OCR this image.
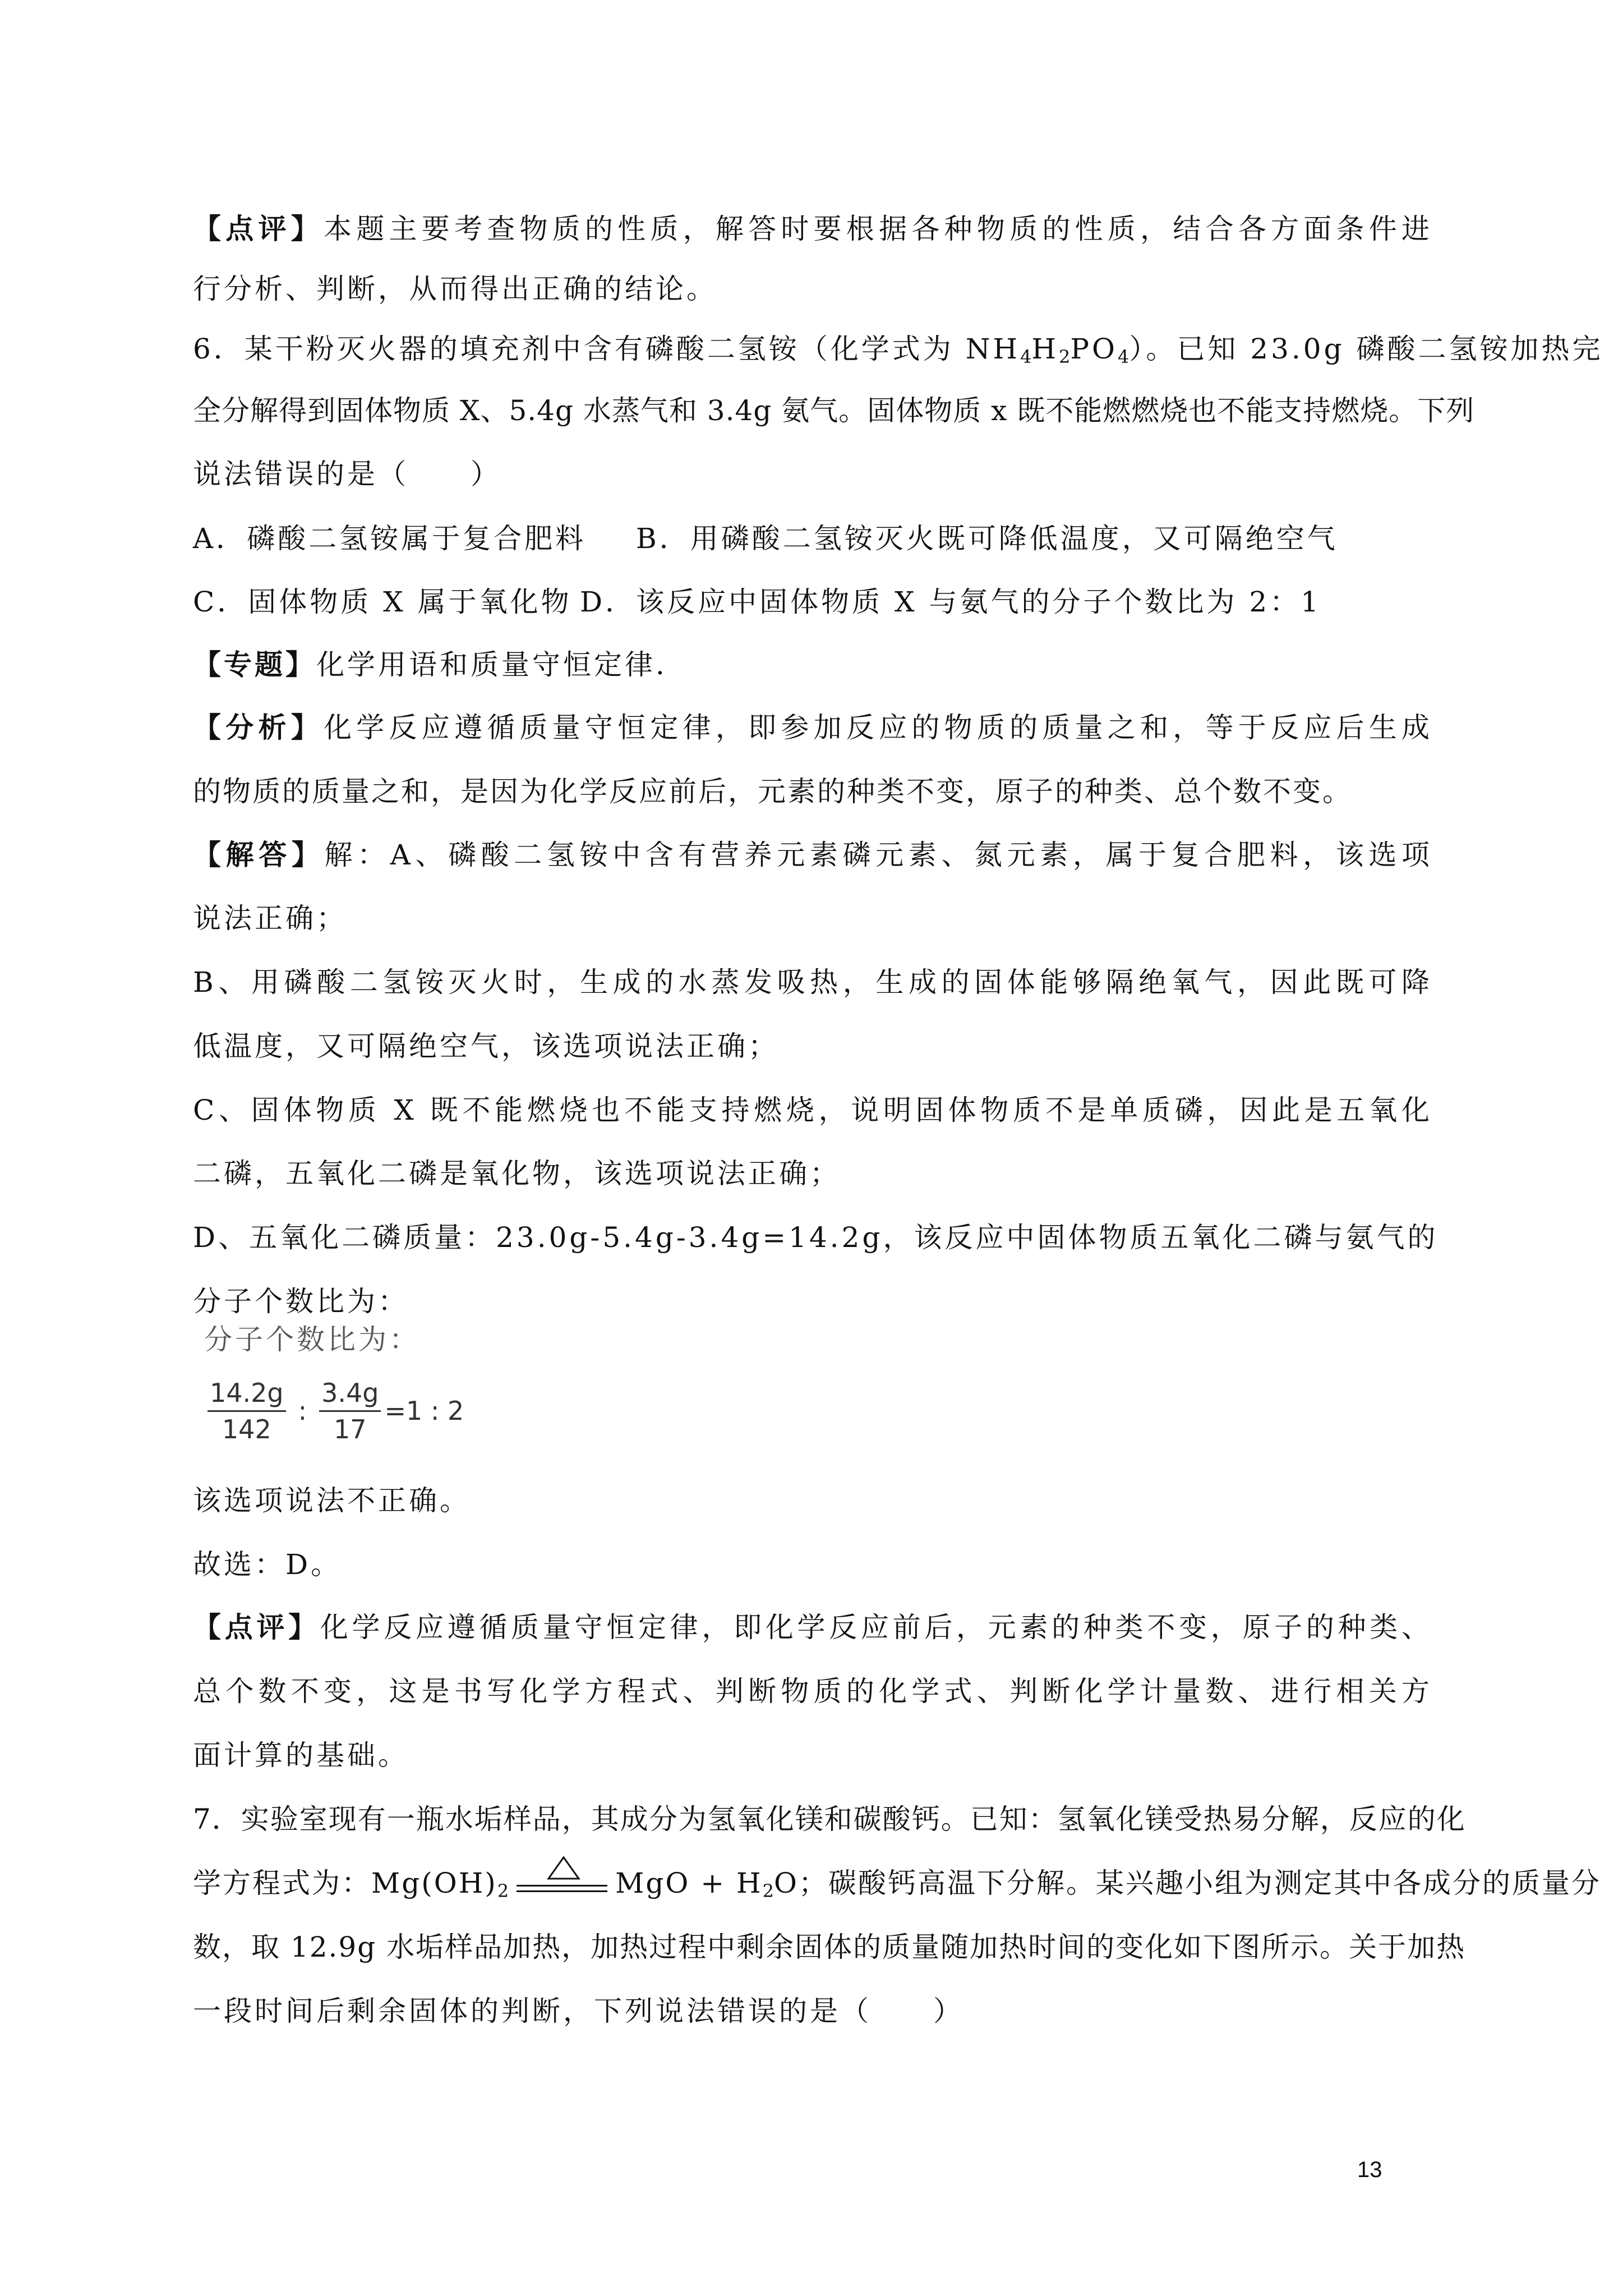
【点评】本题主要考查物质的性质，解答时要根据各种物质的性质，结合各方面条件进
行分析、判断，从而得出正确的结论。
6．某干粉灭火器的填充剂中含有磷酸二氢铵（化学式为 $NH_4H_2PO_4$）。已知 23.0g 磷酸二氢铵加热完
全分解得到固体物质 X、5.4g 水蒸气和 3.4g 氨气。固体物质 x 既不能燃燃烧也不能支持燃烧。下列
说法错误的是（　　）
A．磷酸二氢铵属于复合肥料 B．用磷酸二氢铵灭火既可降低温度，又可隔绝空气
C．固体物质 X 属于氧化物 D．该反应中固体物质 X 与氨气的分子个数比为 2：1
【专题】化学用语和质量守恒定律.
【分析】化学反应遵循质量守恒定律，即参加反应的物质的质量之和，等于反应后生成
的物质的质量之和，是因为化学反应前后，元素的种类不变，原子的种类、总个数不变。
【解答】解：A、磷酸二氢铵中含有营养元素磷元素、氮元素，属于复合肥料，该选项
说法正确；
B、用磷酸二氢铵灭火时，生成的水蒸发吸热，生成的固体能够隔绝氧气，因此既可降
低温度，又可隔绝空气，该选项说法正确；
C、固体物质 X 既不能燃烧也不能支持燃烧，说明固体物质不是单质磷，因此是五氧化
二磷，五氧化二磷是氧化物，该选项说法正确；
D、五氧化二磷质量：23.0g-5.4g-3.4g=14.2g，该反应中固体物质五氧化二磷与氨气的
分子个数比为：
分子个数比为：
$\frac{14.2g}{142}$ : $\frac{3.4g}{17} =1$ : 2
该选项说法不正确。
故选：D。
【点评】化学反应遵循质量守恒定律，即化学反应前后，元素的种类不变，原子的种类、
总个数不变，这是书写化学方程式、判断物质的化学式、判断化学计量数、进行相关方
面计算的基础。
7．实验室现有一瓶水垢样品，其成分为氢氧化镁和碳酸钙。已知：氢氧化镁受热易分解，反应的化
学方程式为：$Mg(OH)_2$	MgO + $H_2O$；碳酸钙高温下分解。某兴趣小组为测定其中各成分的质量分
数，取 12.9g 水垢样品加热，加热过程中剩余固体的质量随加热时间的变化如下图所示。关于加热
一段时间后剩余固体的判断，下列说法错误的是（　　）
13
